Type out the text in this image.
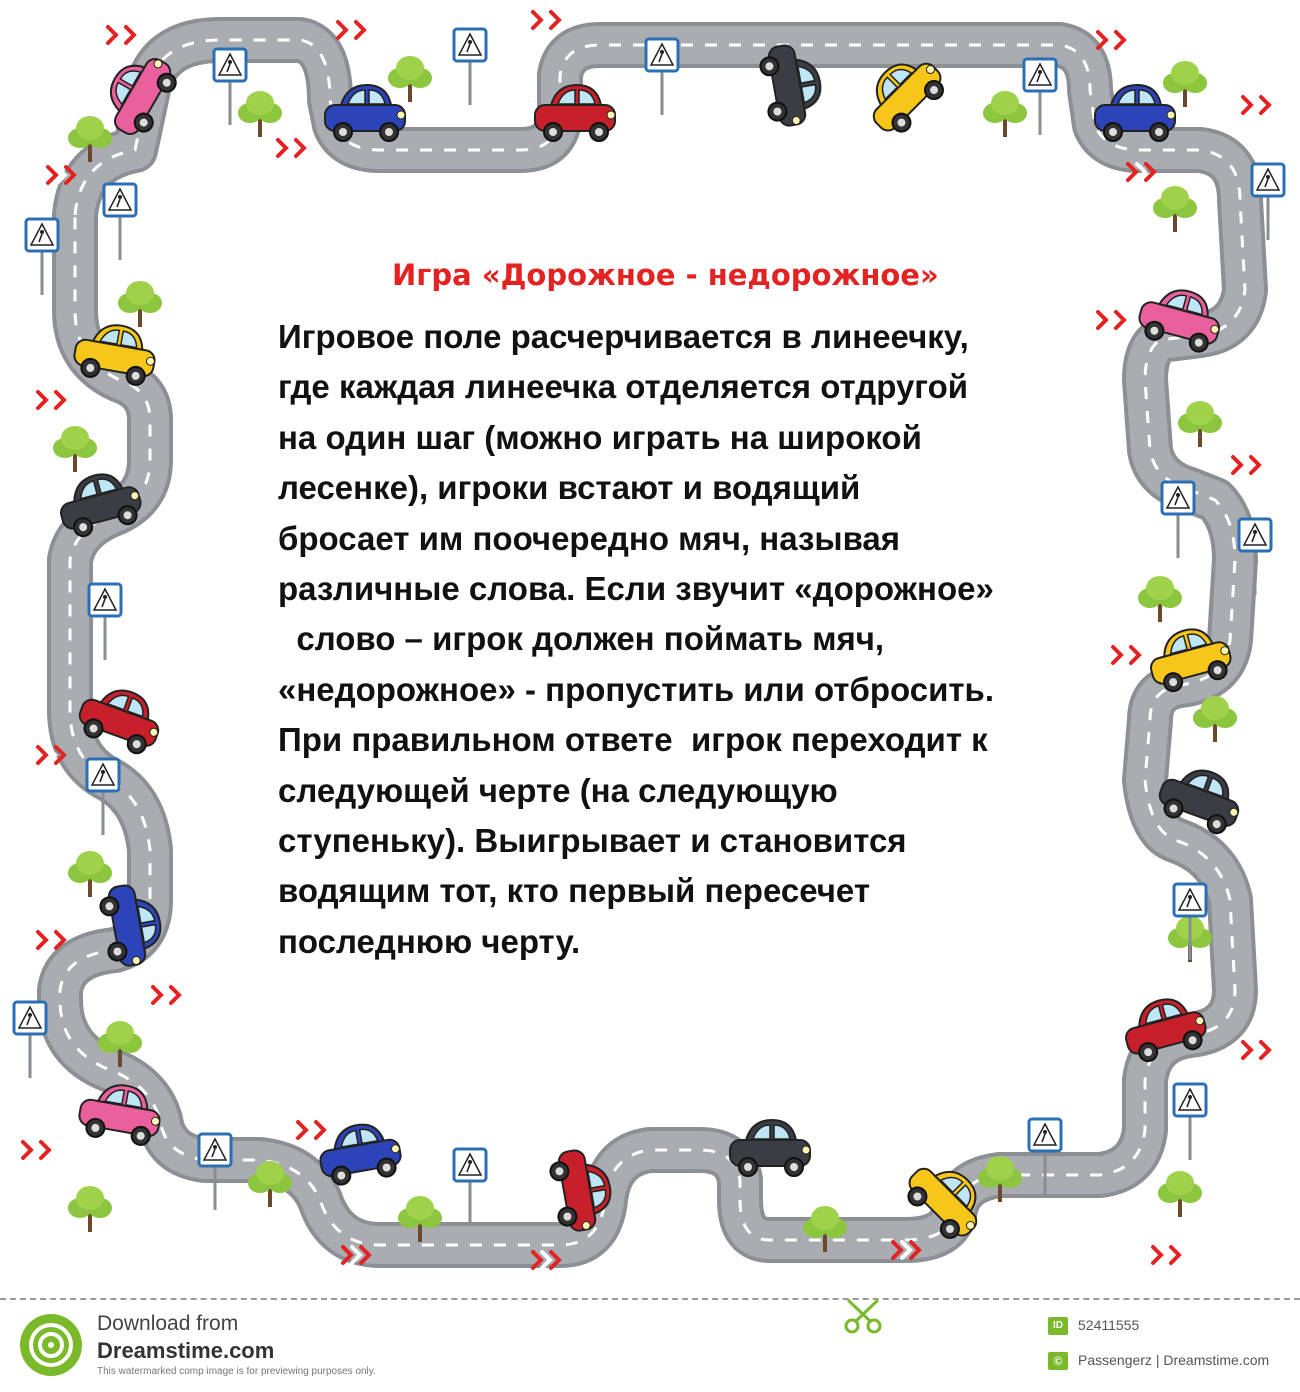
Игра «Дорожное - недорожное»
Игровое поле расчерчивается в линеечку,
где каждая линеечка отделяется отдругой
на один шаг (можно играть на широкой
лесенке), игроки встают и водящий
бросает им поочередно мяч, называя
различные слова. Если звучит «дорожное»
слово – игрок должен поймать мяч,
«недорожное» - пропустить или отбросить.
При правильном ответе  игрок переходит к
следующей черте (на следующую
ступеньку). Выигрывает и становится
водящим тот, кто первый пересечет
последнюю черту.
Download from
Dreamstime.com
This watermarked comp image is for previewing purposes only.
ID	52411555
©	Passengerz | Dreamstime.com
